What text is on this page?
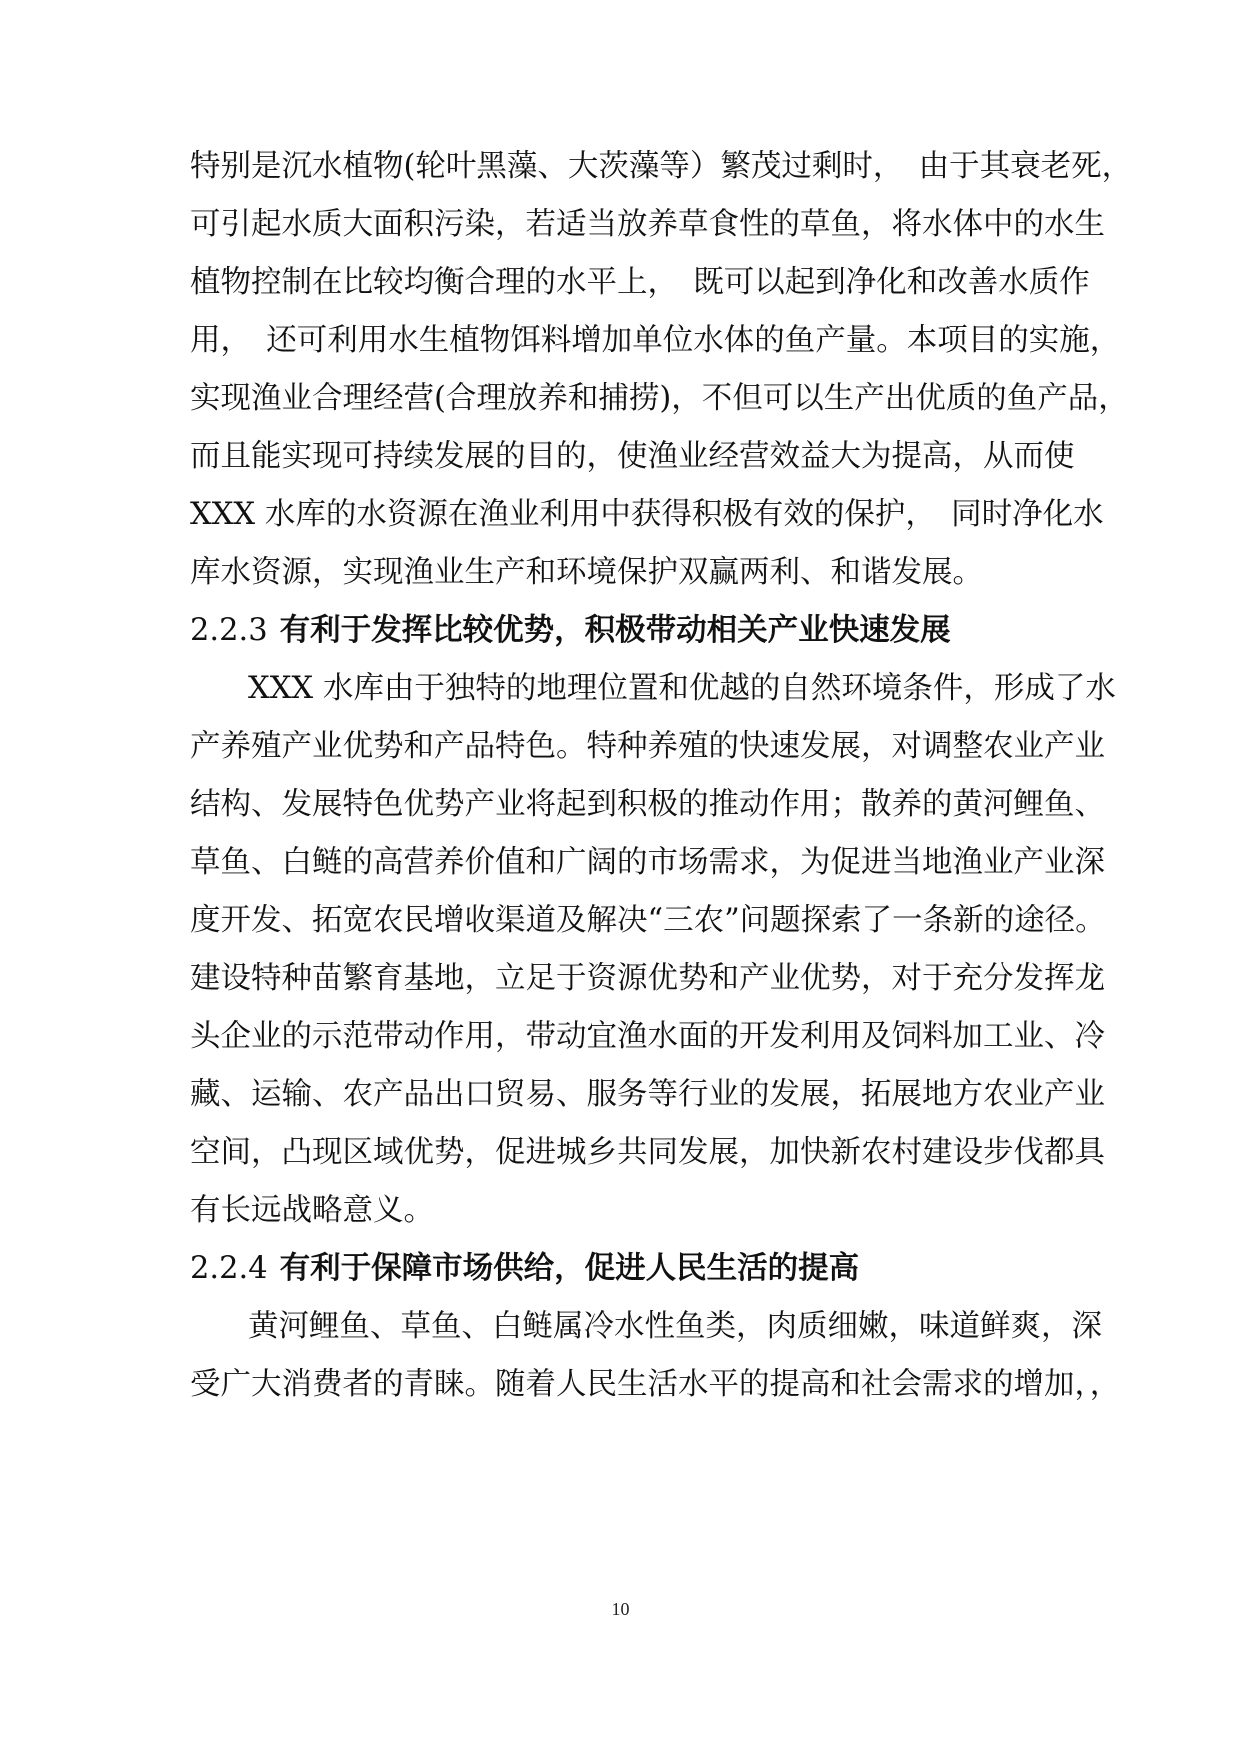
特别是沉水植物(轮叶黑藻、大茨藻等）繁茂过剩时，　由于其衰老死，
可引起水质大面积污染，若适当放养草食性的草鱼，将水体中的水生
植物控制在比较均衡合理的水平上，　既可以起到净化和改善水质作
用，　还可利用水生植物饵料增加单位水体的鱼产量。本项目的实施，
实现渔业合理经营(合理放养和捕捞)，不但可以生产出优质的鱼产品，
而且能实现可持续发展的目的，使渔业经营效益大为提高，从而使
XXX 水库的水资源在渔业利用中获得积极有效的保护，　同时净化水
库水资源，实现渔业生产和环境保护双赢两利、和谐发展。
2.2.3 有利于发挥比较优势，积极带动相关产业快速发展
XXX 水库由于独特的地理位置和优越的自然环境条件，形成了水
产养殖产业优势和产品特色。特种养殖的快速发展，对调整农业产业
结构、发展特色优势产业将起到积极的推动作用；散养的黄河鲤鱼、
草鱼、白鲢的高营养价值和广阔的市场需求，为促进当地渔业产业深
度开发、拓宽农民增收渠道及解决“三农”问题探索了一条新的途径。
建设特种苗繁育基地，立足于资源优势和产业优势，对于充分发挥龙
头企业的示范带动作用，带动宜渔水面的开发利用及饲料加工业、冷
藏、运输、农产品出口贸易、服务等行业的发展，拓展地方农业产业
空间，凸现区域优势，促进城乡共同发展，加快新农村建设步伐都具
有长远战略意义。
2.2.4 有利于保障市场供给，促进人民生活的提高
黄河鲤鱼、草鱼、白鲢属冷水性鱼类，肉质细嫩，味道鲜爽，深
受广大消费者的青睐。随着人民生活水平的提高和社会需求的增加，，
10
